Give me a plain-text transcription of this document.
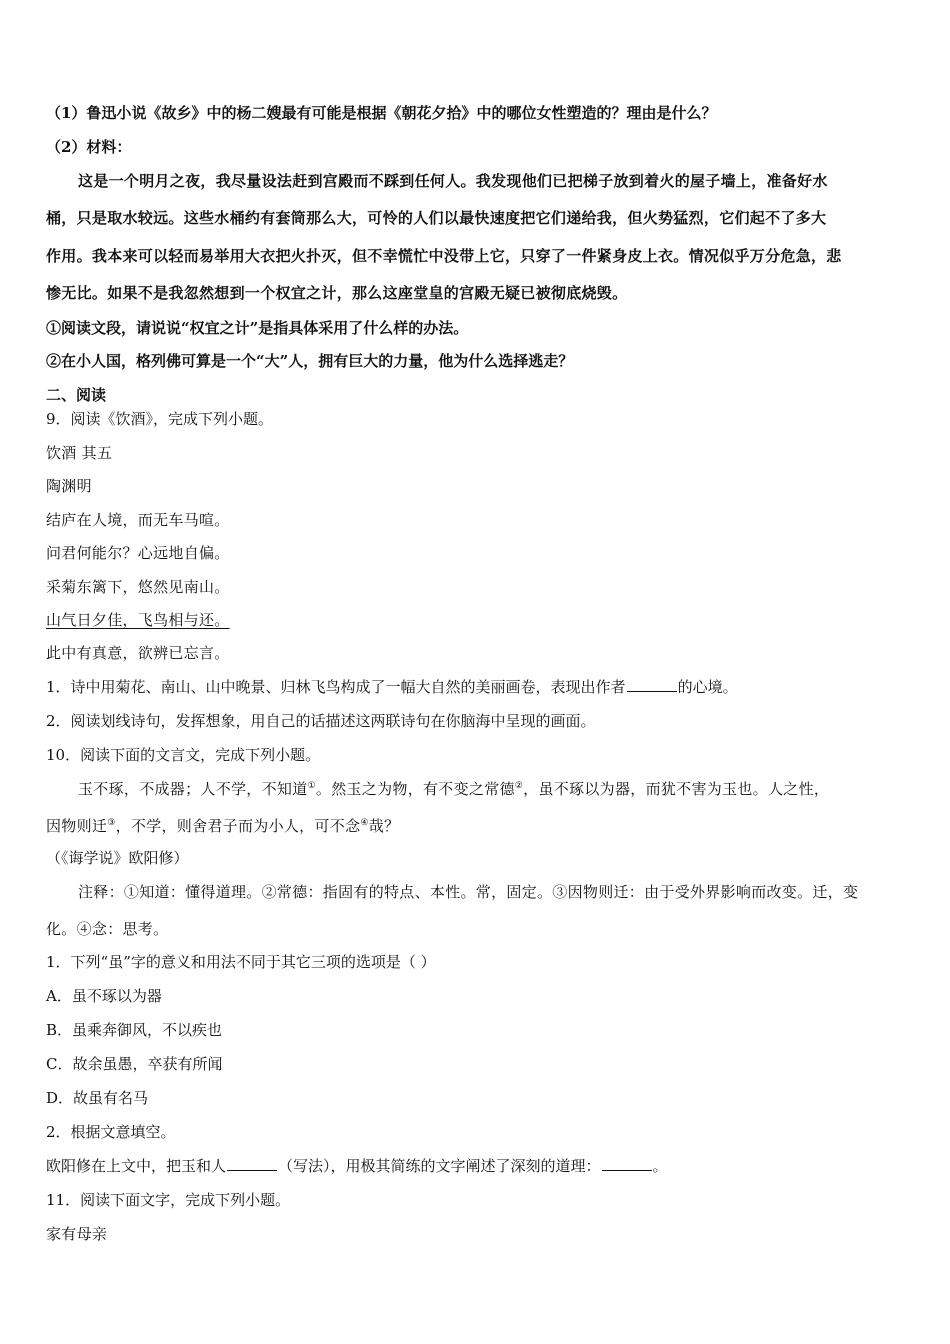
（1）鲁迅小说《故乡》中的杨二嫂最有可能是根据《朝花夕拾》中的哪位女性塑造的？理由是什么？

（2）材料：

这是一个明月之夜，我尽量设法赶到宫殿而不踩到任何人。我发现他们已把梯子放到着火的屋子墙上，准备好水

桶，只是取水较远。这些水桶约有套筒那么大，可怜的人们以最快速度把它们递给我，但火势猛烈，它们起不了多大

作用。我本来可以轻而易举用大衣把火扑灭，但不幸慌忙中没带上它，只穿了一件紧身皮上衣。情况似乎万分危急，悲

惨无比。如果不是我忽然想到一个权宜之计，那么这座堂皇的宫殿无疑已被彻底烧毁。

①阅读文段，请说说“权宜之计”是指具体采用了什么样的办法。

②在小人国，格列佛可算是一个“大”人，拥有巨大的力量，他为什么选择逃走？

二、阅读

9．阅读《饮酒》，完成下列小题。

饮酒 其五

陶渊明

结庐在人境，而无车马喧。

问君何能尔？心远地自偏。

采菊东篱下，悠然见南山。

山气日夕佳，飞鸟相与还。

此中有真意，欲辨已忘言。

1．诗中用菊花、南山、山中晚景、归林飞鸟构成了一幅大自然的美丽画卷，表现出作者	的心境。

2．阅读划线诗句，发挥想象，用自己的话描述这两联诗句在你脑海中呈现的画面。

10．阅读下面的文言文，完成下列小题。

玉不琢，不成器；人不学，不知道①。然玉之为物，有不变之常德②，虽不琢以为器，而犹不害为玉也。人之性，

因物则迁③，不学，则舍君子而为小人，可不念④哉？

（《诲学说》欧阳修）

注释：①知道：懂得道理。②常德：指固有的特点、本性。常，固定。③因物则迁：由于受外界影响而改变。迁，变

化。④念：思考。

1．下列“虽”字的意义和用法不同于其它三项的选项是（ ）

A．虽不琢以为器

B．虽乘奔御风，不以疾也

C．故余虽愚，卒获有所闻

D．故虽有名马

2．根据文意填空。

欧阳修在上文中，把玉和人	（写法），用极其简练的文字阐述了深刻的道理：	。

11．阅读下面文字，完成下列小题。

家有母亲
